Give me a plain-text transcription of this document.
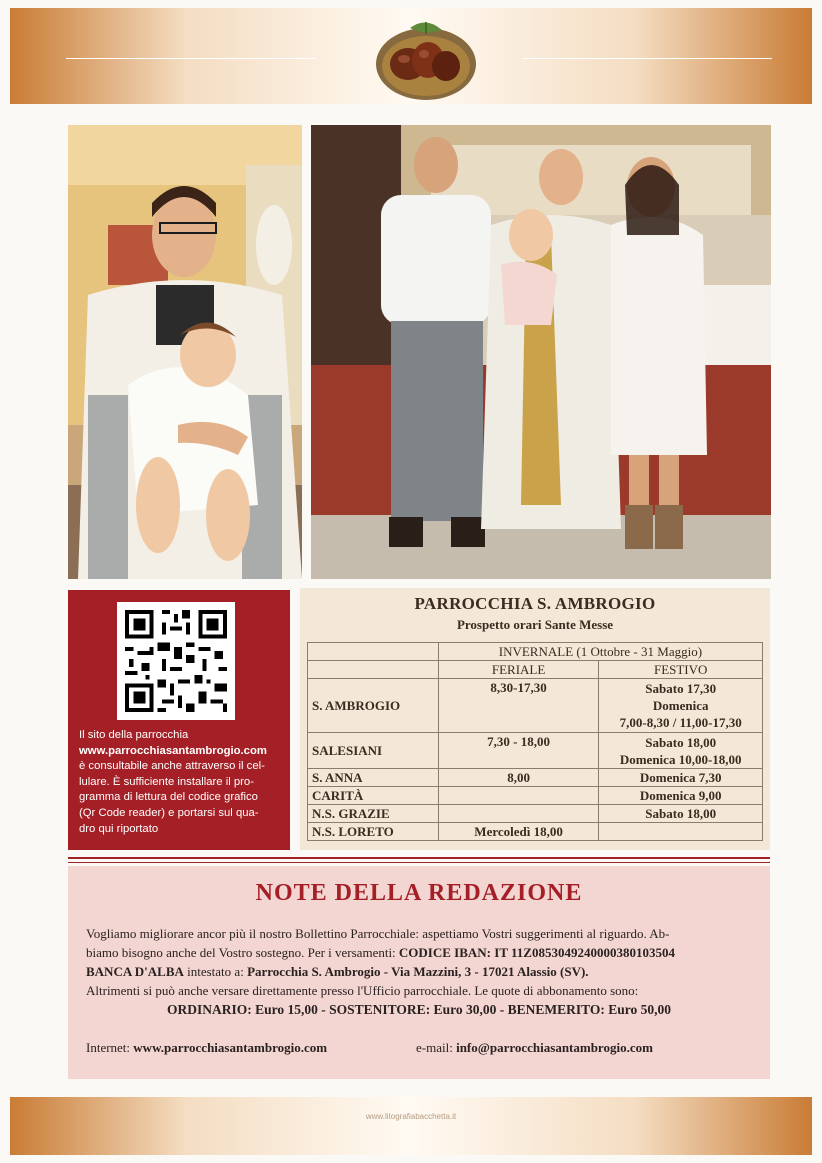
Il sito della parrocchia
www.parrocchiasantambrogio.com
è consultabile anche attraverso il cel-
lulare. È sufficiente installare il pro-
gramma di lettura del codice grafico
(Qr Code reader) e portarsi sul qua-
dro qui riportato
PARROCCHIA S. AMBROGIO
Prospetto orari Sante Messe
	INVERNALE (1 Ottobre - 31 Maggio)	
	FERIALE	FESTIVO
S. AMBROGIO	8,30-17,30	Sabato 17,30
Domenica
7,00-8,30 / 11,00-17,30

SALESIANI	7,30 - 18,00	Sabato 18,00
Domenica 10,00-18,00

S. ANNA	8,00	Domenica 7,30
CARITÀ		Domenica 9,00
N.S. GRAZIE		Sabato 18,00
N.S. LORETO	Mercoledì 18,00	
NOTE DELLA REDAZIONE
Vogliamo migliorare ancor più il nostro Bollettino Parrocchiale: aspettiamo Vostri suggerimenti al riguardo. Ab-
biamo bisogno anche del Vostro sostegno. Per i versamenti: CODICE IBAN: IT 11Z0853049240000380103504
BANCA D'ALBA intestato a: Parrocchia S. Ambrogio - Via Mazzini, 3 - 17021 Alassio (SV).
Altrimenti si può anche versare direttamente presso l'Ufficio parrocchiale. Le quote di abbonamento sono:
ORDINARIO: Euro 15,00 - SOSTENITORE: Euro 30,00 - BENEMERITO: Euro 50,00
Internet: www.parrocchiasantambrogio.com	e-mail: info@parrocchiasantambrogio.com
www.litografiabacchetta.it
